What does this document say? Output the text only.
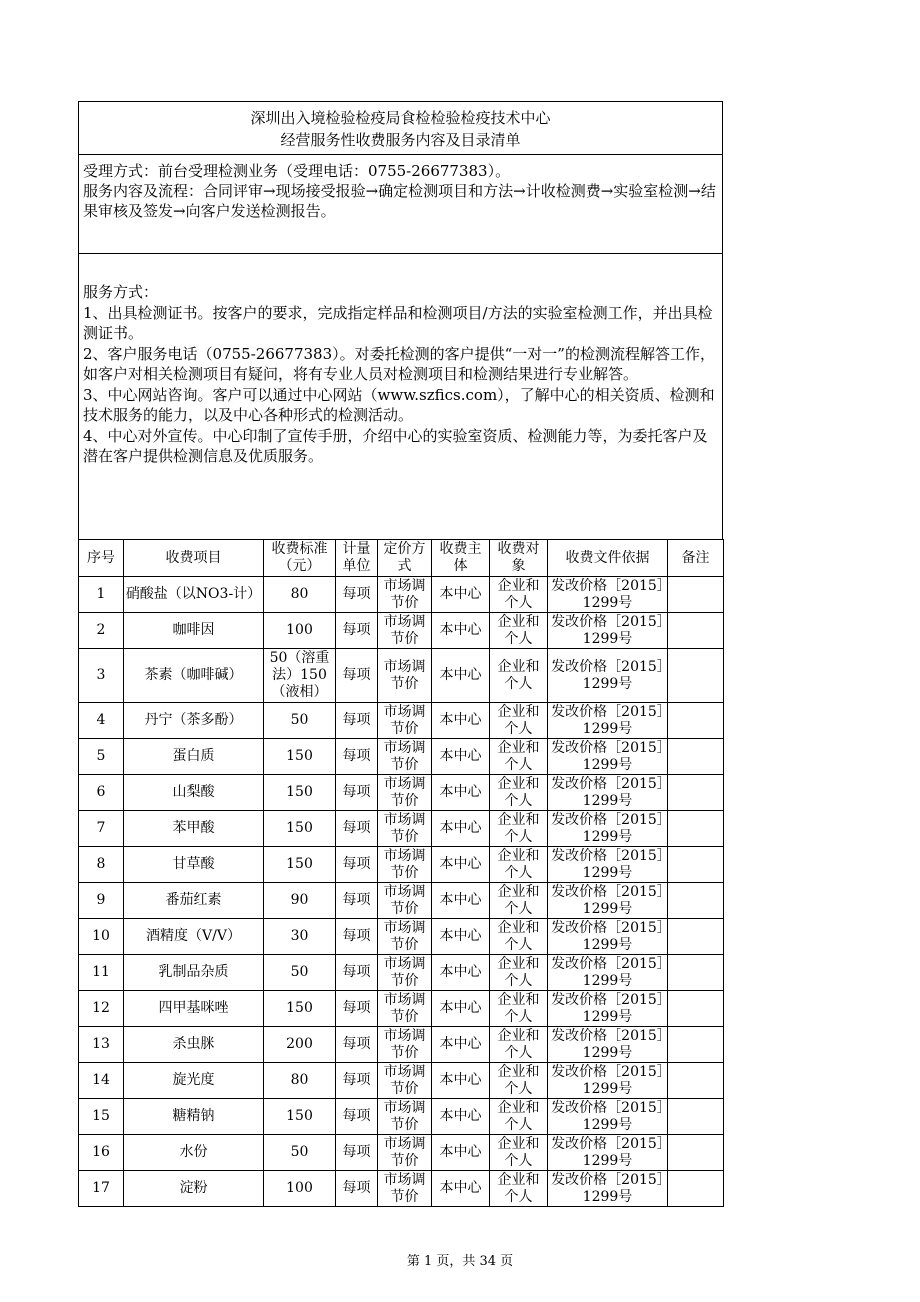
深圳出入境检验检疫局食检检验检疫技术中心
经营服务性收费服务内容及目录清单
受理方式：前台受理检测业务（受理电话：0755-26677383）。
服务内容及流程：合同评审→现场接受报验→确定检测项目和方法→计收检测费→实验室检测→结果审核及签发→向客户发送检测报告。
服务方式：
1、出具检测证书。按客户的要求，完成指定样品和检测项目/方法的实验室检测工作，并出具检测证书。
2、客户服务电话（0755-26677383）。对委托检测的客户提供“一对一”的检测流程解答工作，如客户对相关检测项目有疑问，将有专业人员对检测项目和检测结果进行专业解答。
3、中心网站咨询。客户可以通过中心网站（www.szfics.com），了解中心的相关资质、检测和技术服务的能力，以及中心各种形式的检测活动。
4、中心对外宣传。中心印制了宣传手册，介绍中心的实验室资质、检测能力等，为委托客户及潜在客户提供检测信息及优质服务。
序号	收费项目	收费标准（元）	计量单位	定价方式	收费主体	收费对象	收费文件依据	备注
1	硝酸盐（以NO3-计）	80	每项	市场调节价	本中心	企业和个人	发改价格［2015］1299号	
2	咖啡因	100	每项	市场调节价	本中心	企业和个人	发改价格［2015］1299号	
3	茶素（咖啡碱）	50（溶重法）150（液相）	每项	市场调节价	本中心	企业和个人	发改价格［2015］1299号	
4	丹宁（茶多酚）	50	每项	市场调节价	本中心	企业和个人	发改价格［2015］1299号	
5	蛋白质	150	每项	市场调节价	本中心	企业和个人	发改价格［2015］1299号	
6	山梨酸	150	每项	市场调节价	本中心	企业和个人	发改价格［2015］1299号	
7	苯甲酸	150	每项	市场调节价	本中心	企业和个人	发改价格［2015］1299号	
8	甘草酸	150	每项	市场调节价	本中心	企业和个人	发改价格［2015］1299号	
9	番茄红素	90	每项	市场调节价	本中心	企业和个人	发改价格［2015］1299号	
10	酒精度（V/V）	30	每项	市场调节价	本中心	企业和个人	发改价格［2015］1299号	
11	乳制品杂质	50	每项	市场调节价	本中心	企业和个人	发改价格［2015］1299号	
12	四甲基咪唑	150	每项	市场调节价	本中心	企业和个人	发改价格［2015］1299号	
13	杀虫脒	200	每项	市场调节价	本中心	企业和个人	发改价格［2015］1299号	
14	旋光度	80	每项	市场调节价	本中心	企业和个人	发改价格［2015］1299号	
15	糖精钠	150	每项	市场调节价	本中心	企业和个人	发改价格［2015］1299号	
16	水份	50	每项	市场调节价	本中心	企业和个人	发改价格［2015］1299号	
17	淀粉	100	每项	市场调节价	本中心	企业和个人	发改价格［2015］1299号	
第 1 页，共 34 页
